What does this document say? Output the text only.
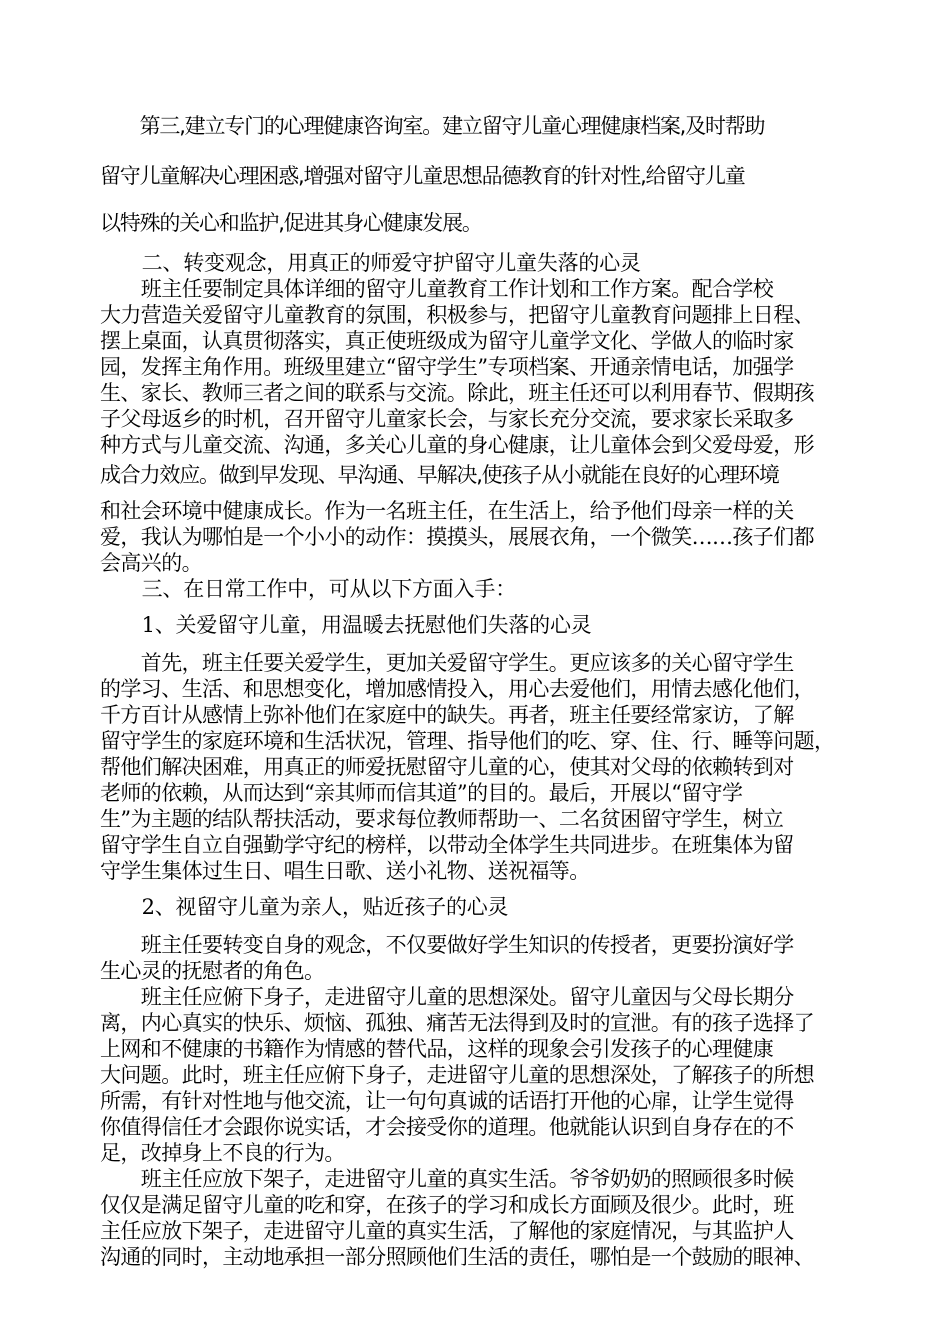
　　第三,建立专门的心理健康咨询室。建立留守儿童心理健康档案,及时帮助
留守儿童解决心理困惑,增强对留守儿童思想品德教育的针对性,给留守儿童
以特殊的关心和监护,促进其身心健康发展。
　　二、转变观念，用真正的师爱守护留守儿童失落的心灵
　　班主任要制定具体详细的留守儿童教育工作计划和工作方案。配合学校
大力营造关爱留守儿童教育的氛围，积极参与，把留守儿童教育问题排上日程、
摆上桌面，认真贯彻落实，真正使班级成为留守儿童学文化、学做人的临时家
园，发挥主角作用。班级里建立“留守学生”专项档案、开通亲情电话，加强学
生、家长、教师三者之间的联系与交流。除此，班主任还可以利用春节、假期孩
子父母返乡的时机，召开留守儿童家长会，与家长充分交流，要求家长采取多
种方式与儿童交流、沟通，多关心儿童的身心健康，让儿童体会到父爱母爱，形
成合力效应。做到早发现、早沟通、早解决,使孩子从小就能在良好的心理环境
和社会环境中健康成长。作为一名班主任，在生活上，给予他们母亲一样的关
爱，我认为哪怕是一个小小的动作：摸摸头，展展衣角，一个微笑……孩子们都
会高兴的。
　　三、在日常工作中，可从以下方面入手：
　　1、关爱留守儿童，用温暖去抚慰他们失落的心灵
　　首先，班主任要关爱学生，更加关爱留守学生。更应该多的关心留守学生
的学习、生活、和思想变化，增加感情投入，用心去爱他们，用情去感化他们，
千方百计从感情上弥补他们在家庭中的缺失。再者，班主任要经常家访，了解
留守学生的家庭环境和生活状况，管理、指导他们的吃、穿、住、行、睡等问题，
帮他们解决困难，用真正的师爱抚慰留守儿童的心，使其对父母的依赖转到对
老师的依赖，从而达到“亲其师而信其道”的目的。最后，开展以“留守学
生”为主题的结队帮扶活动，要求每位教师帮助一、二名贫困留守学生，树立
留守学生自立自强勤学守纪的榜样，以带动全体学生共同进步。在班集体为留
守学生集体过生日、唱生日歌、送小礼物、送祝福等。
　　2、视留守儿童为亲人，贴近孩子的心灵
　　班主任要转变自身的观念，不仅要做好学生知识的传授者，更要扮演好学
生心灵的抚慰者的角色。
　　班主任应俯下身子，走进留守儿童的思想深处。留守儿童因与父母长期分
离，内心真实的快乐、烦恼、孤独、痛苦无法得到及时的宣泄。有的孩子选择了
上网和不健康的书籍作为情感的替代品，这样的现象会引发孩子的心理健康
大问题。此时，班主任应俯下身子，走进留守儿童的思想深处，了解孩子的所想
所需，有针对性地与他交流，让一句句真诚的话语打开他的心扉，让学生觉得
你值得信任才会跟你说实话，才会接受你的道理。他就能认识到自身存在的不
足，改掉身上不良的行为。
　　班主任应放下架子，走进留守儿童的真实生活。爷爷奶奶的照顾很多时候
仅仅是满足留守儿童的吃和穿，在孩子的学习和成长方面顾及很少。此时，班
主任应放下架子，走进留守儿童的真实生活，了解他的家庭情况，与其监护人
沟通的同时，主动地承担一部分照顾他们生活的责任，哪怕是一个鼓励的眼神、
